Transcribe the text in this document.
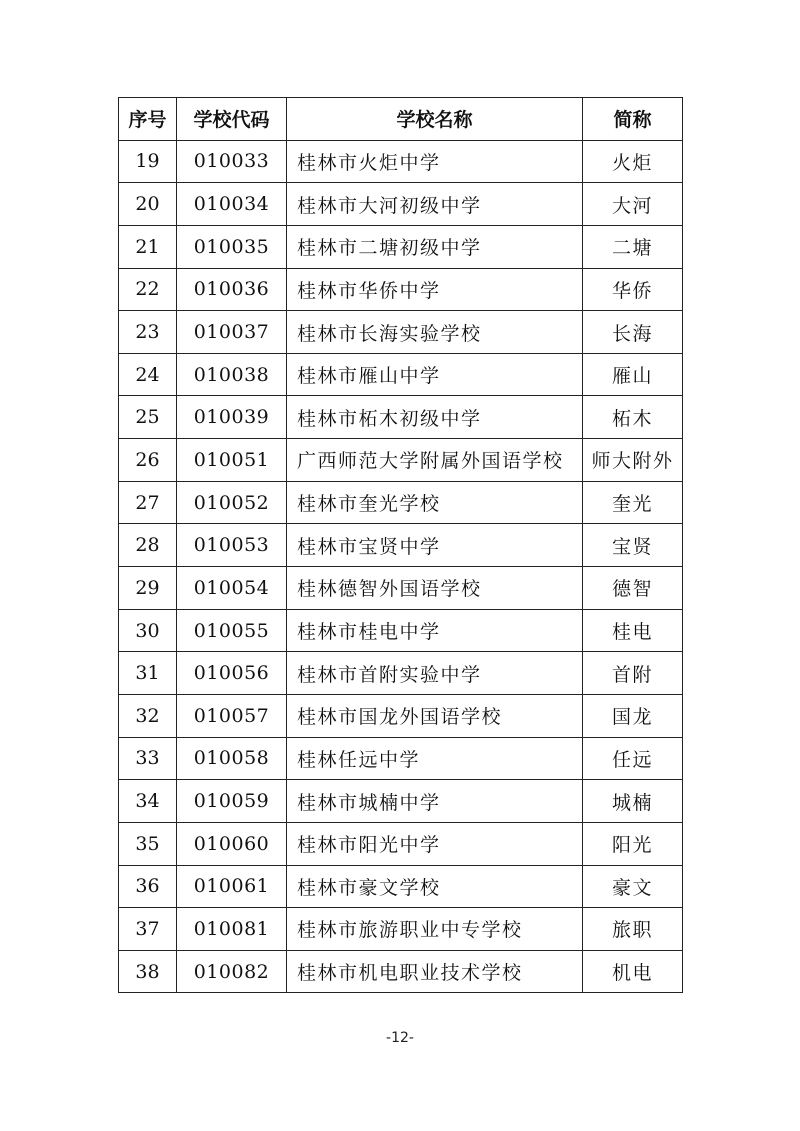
序号	学校代码	学校名称	简称
19	010033	桂林市火炬中学	火炬
20	010034	桂林市大河初级中学	大河
21	010035	桂林市二塘初级中学	二塘
22	010036	桂林市华侨中学	华侨
23	010037	桂林市长海实验学校	长海
24	010038	桂林市雁山中学	雁山
25	010039	桂林市柘木初级中学	柘木
26	010051	广西师范大学附属外国语学校	师大附外
27	010052	桂林市奎光学校	奎光
28	010053	桂林市宝贤中学	宝贤
29	010054	桂林德智外国语学校	德智
30	010055	桂林市桂电中学	桂电
31	010056	桂林市首附实验中学	首附
32	010057	桂林市国龙外国语学校	国龙
33	010058	桂林任远中学	任远
34	010059	桂林市城楠中学	城楠
35	010060	桂林市阳光中学	阳光
36	010061	桂林市豪文学校	豪文
37	010081	桂林市旅游职业中专学校	旅职
38	010082	桂林市机电职业技术学校	机电
-12-
